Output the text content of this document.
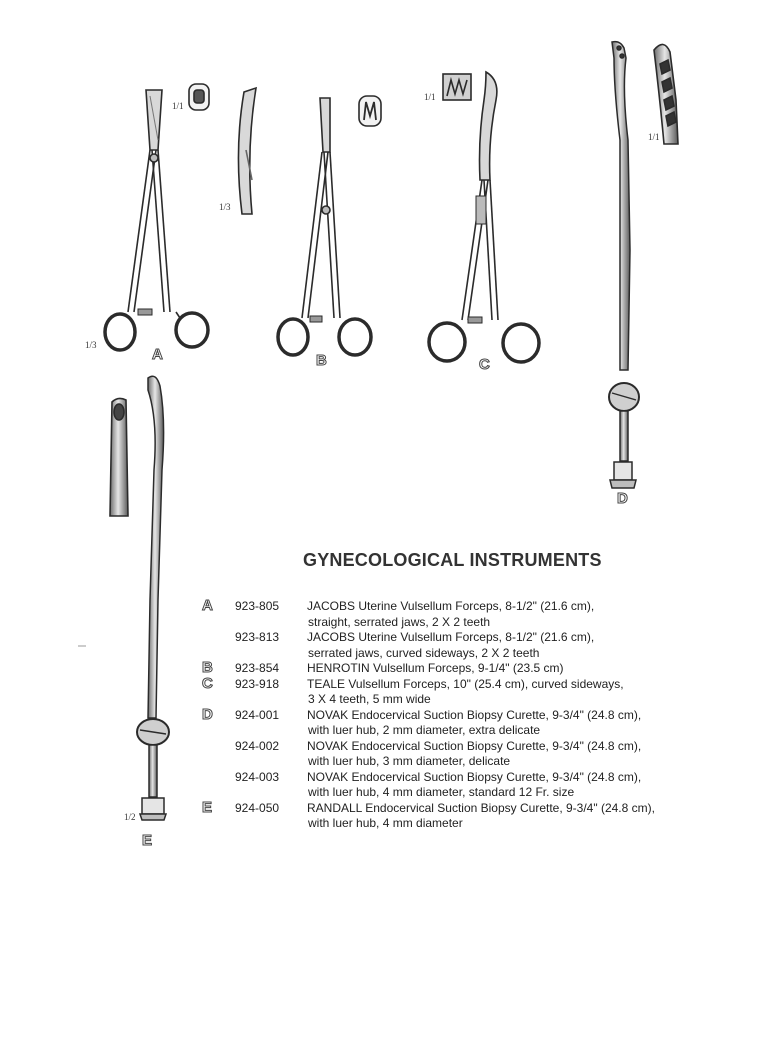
1/1
1/3
1/3
1/1
1/1
1/2
A	B	C
D
E
GYNECOLOGICAL INSTRUMENTS
A 923-805 JACOBS Uterine Vulsellum Forceps, 8-1/2" (21.6 cm),
straight, serrated jaws, 2 X 2 teeth
923-813 JACOBS Uterine Vulsellum Forceps, 8-1/2" (21.6 cm),
serrated jaws, curved sideways, 2 X 2 teeth
B 923-854 HENROTIN Vulsellum Forceps, 9-1/4" (23.5 cm)
C 923-918 TEALE Vulsellum Forceps, 10" (25.4 cm), curved sideways,
3 X 4 teeth, 5 mm wide
D 924-001 NOVAK Endocervical Suction Biopsy Curette, 9-3/4" (24.8 cm),
with luer hub, 2 mm diameter, extra delicate
924-002 NOVAK Endocervical Suction Biopsy Curette, 9-3/4" (24.8 cm),
with luer hub, 3 mm diameter, delicate
924-003 NOVAK Endocervical Suction Biopsy Curette, 9-3/4" (24.8 cm),
with luer hub, 4 mm diameter, standard 12 Fr. size
E 924-050 RANDALL Endocervical Suction Biopsy Curette, 9-3/4" (24.8 cm),
with luer hub, 4 mm diameter
